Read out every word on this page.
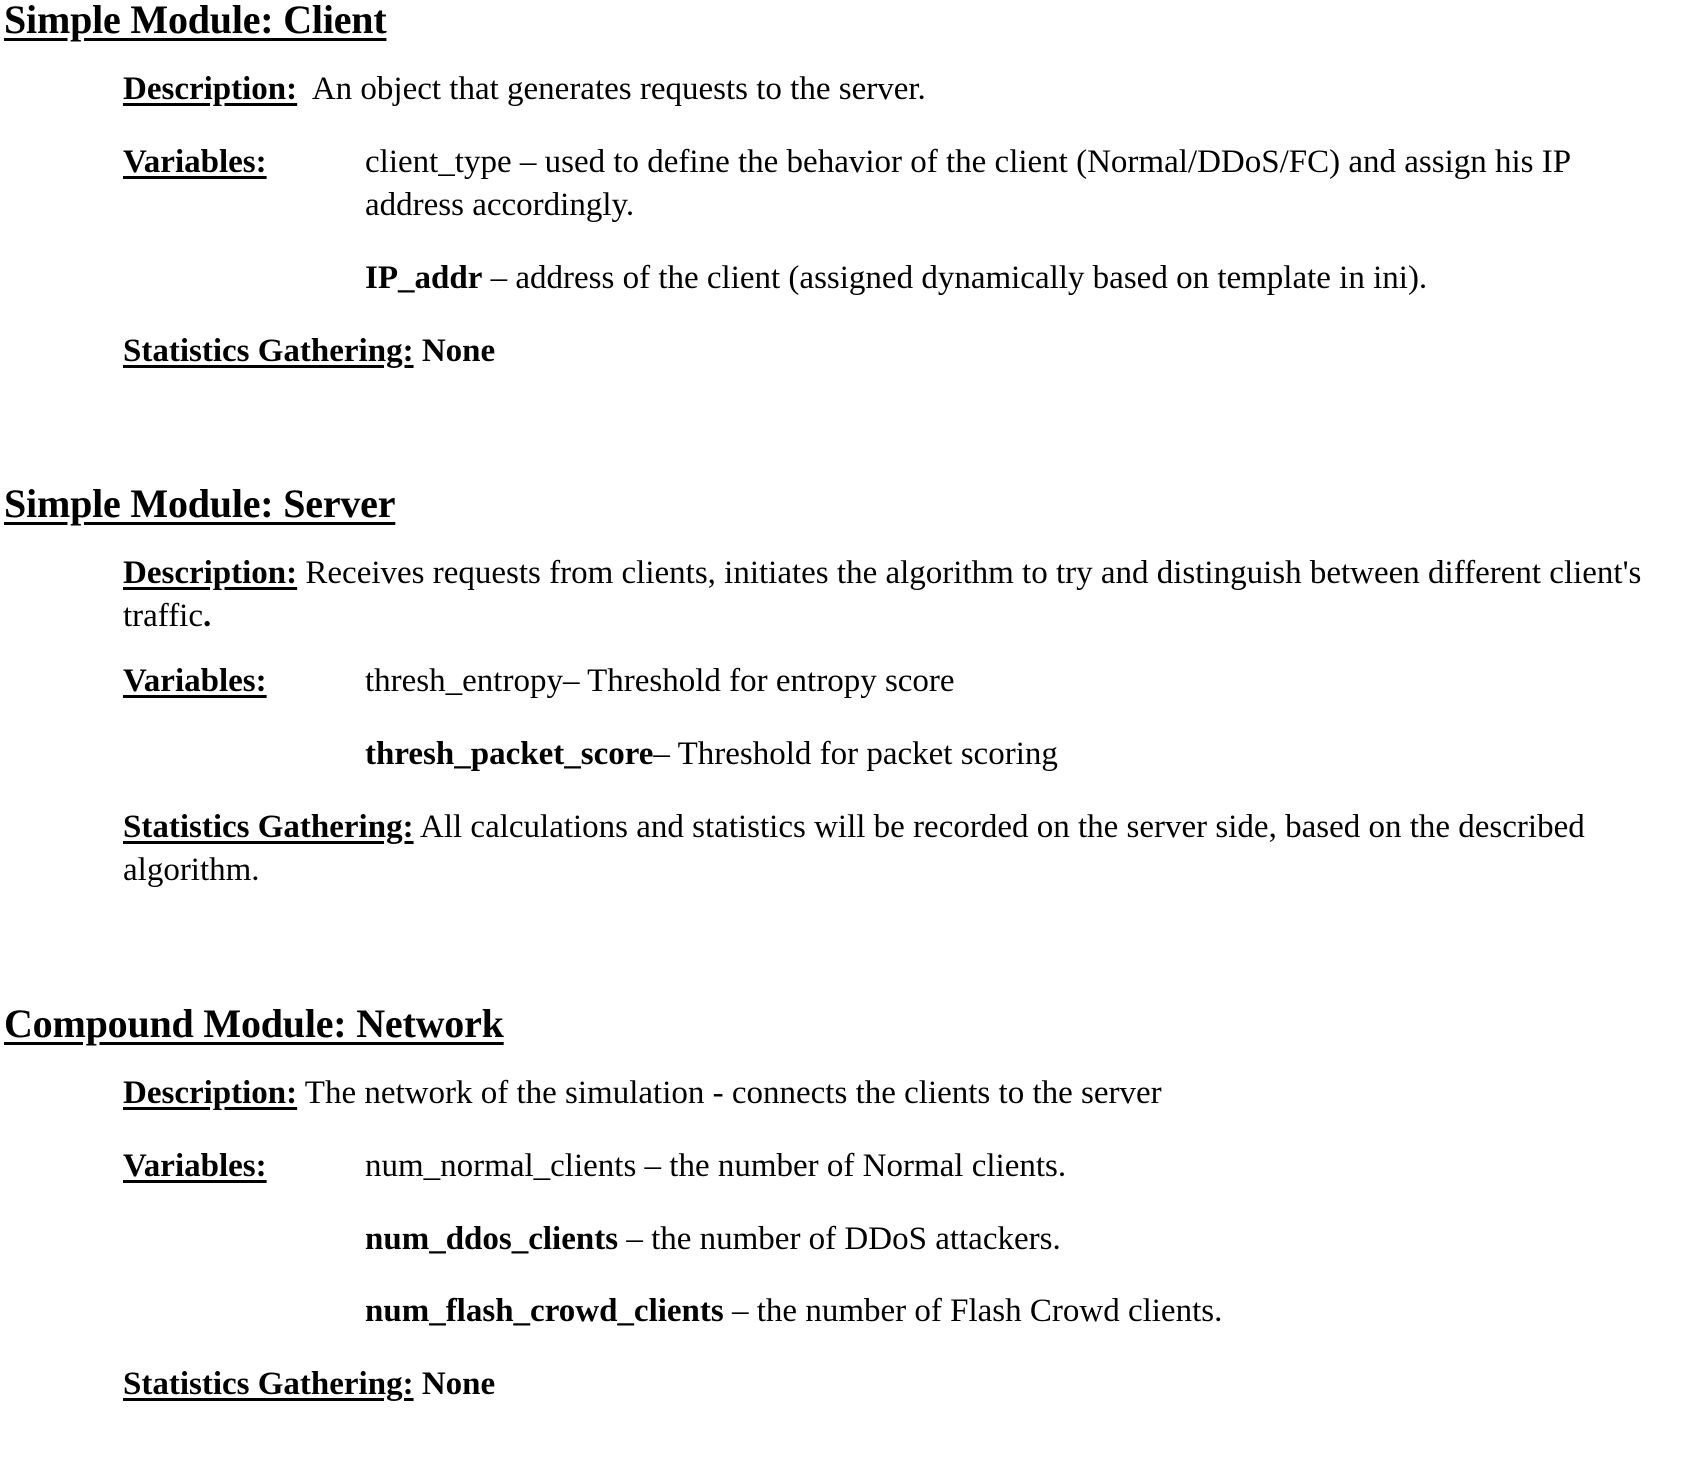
Simple Module: Client

Description: An object that generates requests to the server.

Variables:	client_type – used to define the behavior of the client (Normal/DDoS/FC) and assign his IP address accordingly.

IP_addr – address of the client (assigned dynamically based on template in ini).

Statistics Gathering: None

Simple Module: Server

Description: Receives requests from clients, initiates the algorithm to try and distinguish between different client's traffic.

Variables:	thresh_entropy– Threshold for entropy score

thresh_packet_score– Threshold for packet scoring

Statistics Gathering: All calculations and statistics will be recorded on the server side, based on the described algorithm.

Compound Module: Network

Description: The network of the simulation - connects the clients to the server

Variables:	num_normal_clients – the number of Normal clients.

num_ddos_clients – the number of DDoS attackers.

num_flash_crowd_clients – the number of Flash Crowd clients.

Statistics Gathering: None
